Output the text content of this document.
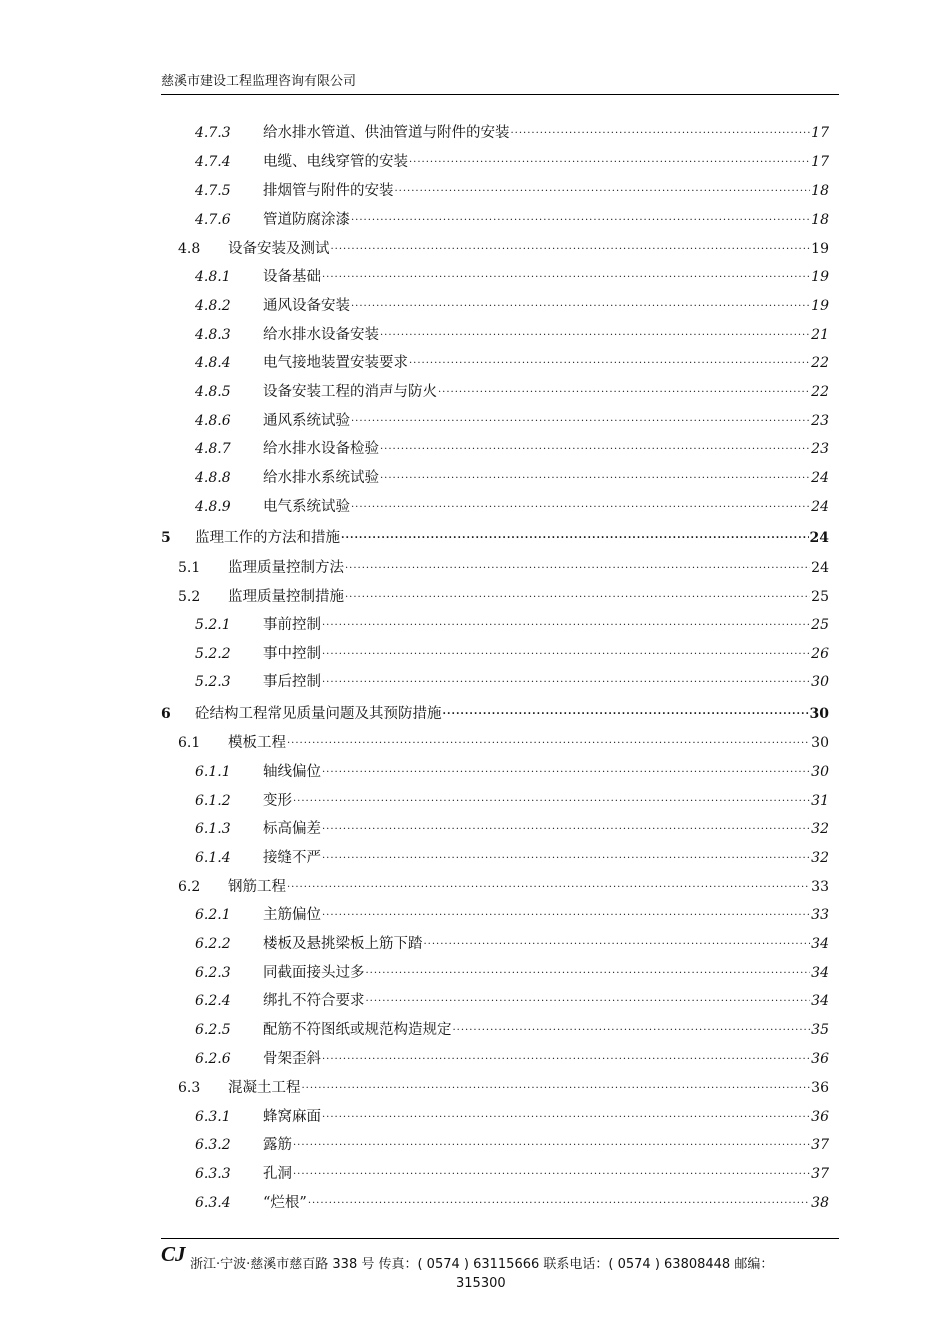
慈溪市建设工程监理咨询有限公司
4.7.3	给水排水管道、供油管道与附件的安装 .....	17
4.7.4	电缆、电线穿管的安装 .....	17
4.7.5	排烟管与附件的安装 .....	18
4.7.6	管道防腐涂漆 .....	18
4.8	设备安装及测试 .....	19
4.8.1	设备基础 .....	19
4.8.2	通风设备安装 .....	19
4.8.3	给水排水设备安装 .....	21
4.8.4	电气接地装置安装要求 .....	22
4.8.5	设备安装工程的消声与防火 .....	22
4.8.6	通风系统试验 .....	23
4.8.7	给水排水设备检验 .....	23
4.8.8	给水排水系统试验 .....	24
4.8.9	电气系统试验 .....	24
5	监理工作的方法和措施 .....	24
5.1	监理质量控制方法 .....	24
5.2	监理质量控制措施 .....	25
5.2.1	事前控制 .....	25
5.2.2	事中控制 .....	26
5.2.3	事后控制 .....	30
6	砼结构工程常见质量问题及其预防措施 .....	30
6.1	模板工程 .....	30
6.1.1	轴线偏位 .....	30
6.1.2	变形 .....	31
6.1.3	标高偏差 .....	32
6.1.4	接缝不严 .....	32
6.2	钢筋工程 .....	33
6.2.1	主筋偏位 .....	33
6.2.2	楼板及悬挑梁板上筋下踏 .....	34
6.2.3	同截面接头过多 .....	34
6.2.4	绑扎不符合要求 .....	34
6.2.5	配筋不符图纸或规范构造规定 .....	35
6.2.6	骨架歪斜 .....	36
6.3	混凝土工程 .....	36
6.3.1	蜂窝麻面 .....	36
6.3.2	露筋 .....	37
6.3.3	孔洞 .....	37
6.3.4	“烂根” .....	38
CJ 浙江·宁波·慈溪市慈百路 338 号 传真：( 0574 ) 63115666 联系电话：( 0574 ) 63808448 邮编：
315300
